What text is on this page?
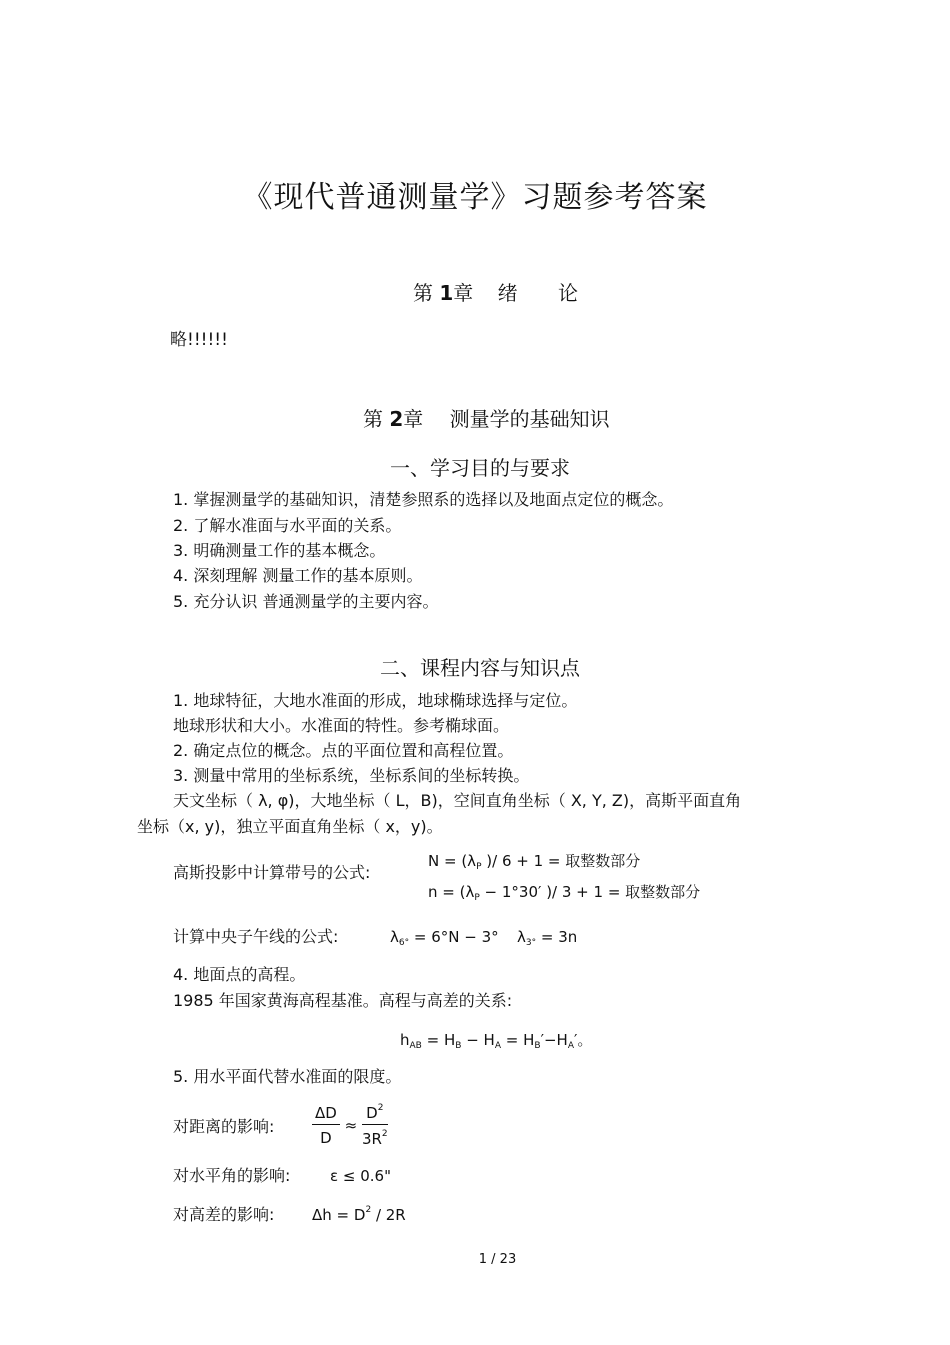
《现代普通测量学》习题参考答案
第 1章 绪 论
略!!!!!!
第 2章 测量学的基础知识
一、学习目的与要求
1. 掌握测量学的基础知识，清楚参照系的选择以及地面点定位的概念。
2. 了解水准面与水平面的关系。
3. 明确测量工作的基本概念。
4. 深刻理解 测量工作的基本原则。
5. 充分认识 普通测量学的主要内容。
二、课程内容与知识点
1. 地球特征，大地水准面的形成，地球椭球选择与定位。
地球形状和大小。水准面的特性。参考椭球面。
2. 确定点位的概念。点的平面位置和高程位置。
3. 测量中常用的坐标系统，坐标系间的坐标转换。
天文坐标（ λ, φ)，大地坐标（ L，B)，空间直角坐标（ X, Y, Z)，高斯平面直角
坐标（x, y)，独立平面直角坐标（ x，y)。
高斯投影中计算带号的公式:
$N = (\lambda_P$ )/ 6 + 1 = 取整数部分
$n = (\lambda_P - 1^\circ 30'$ )/ 3 + 1 = 取整数部分
计算中央子午线的公式:	$\lambda_{6^\circ} = 6^\circ N - 3^\circ$ $\lambda_{3^\circ} = 3n$
4. 地面点的高程。
1985 年国家黄海高程基准。高程与高差的关系:
$h_{AB} = H_B - H_A = H_B'-H_A'$。
5. 用水平面代替水准面的限度。
对距离的影响:	$\frac{\Delta D}{D} \approx \frac{D^2}{3R^2}$
对水平角的影响:	ε ≤ 0.6"
对高差的影响:	$\Delta h = D^2 / 2R$
1 / 23
